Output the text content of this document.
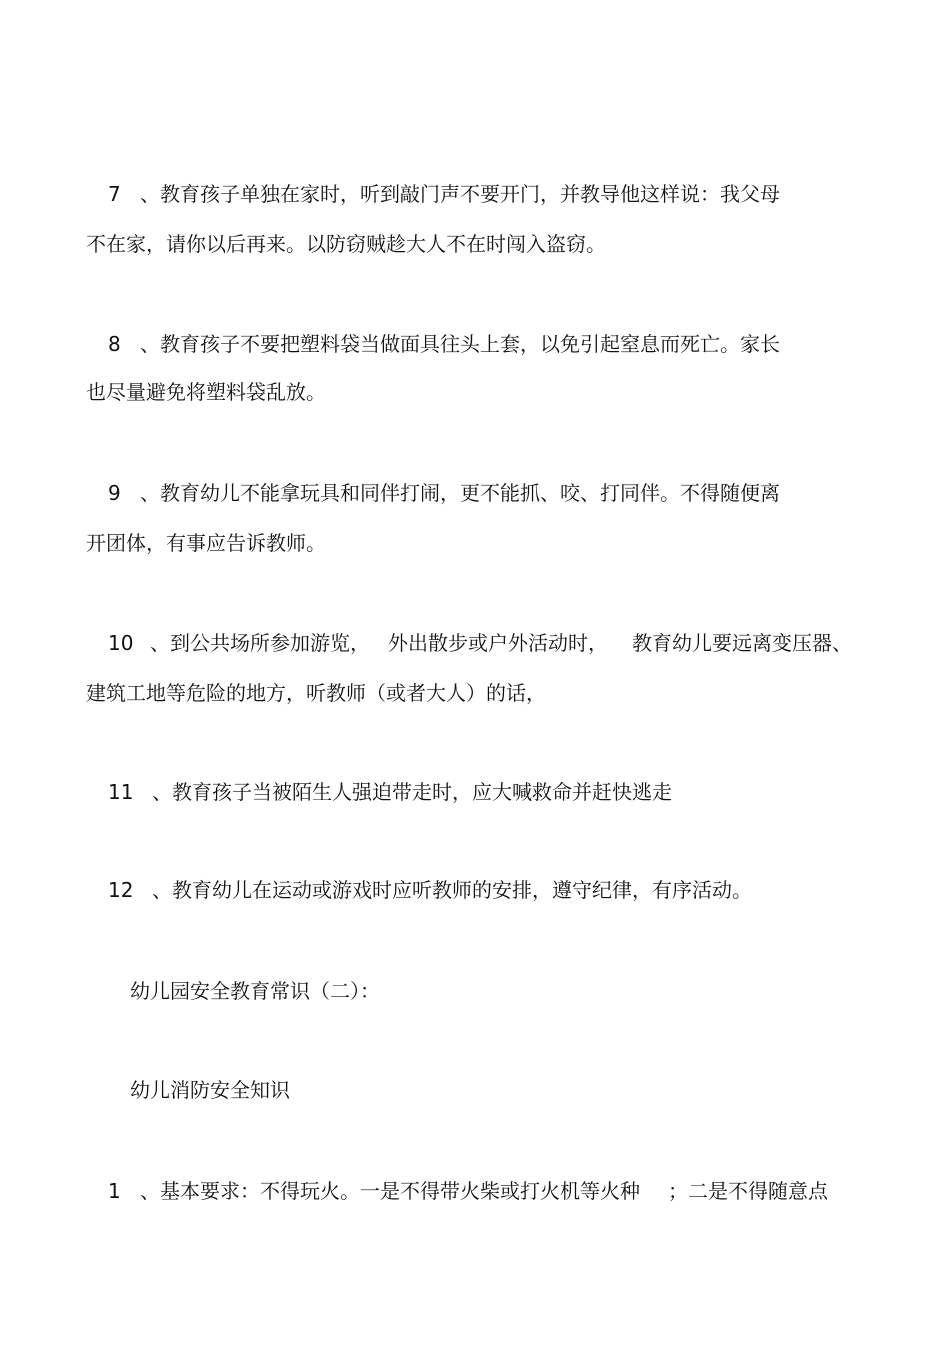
7 、教育孩子单独在家时，听到敲门声不要开门，并教导他这样说：我父母
不在家，请你以后再来。以防窃贼趁大人不在时闯入盗窃。
8 、教育孩子不要把塑料袋当做面具往头上套，以免引起窒息而死亡。家长
也尽量避免将塑料袋乱放。
9 、教育幼儿不能拿玩具和同伴打闹，更不能抓、咬、打同伴。不得随便离
开团体，有事应告诉教师。
10 、到公共场所参加游览， 外出散步或户外活动时， 教育幼儿要远离变压器、
建筑工地等危险的地方，听教师（或者大人）的话，
11 、教育孩子当被陌生人强迫带走时，应大喊救命并赶快逃走
12 、教育幼儿在运动或游戏时应听教师的安排，遵守纪律，有序活动。
幼儿园安全教育常识（二）：
幼儿消防安全知识
1 、基本要求：不得玩火。一是不得带火柴或打火机等火种 ；二是不得随意点
